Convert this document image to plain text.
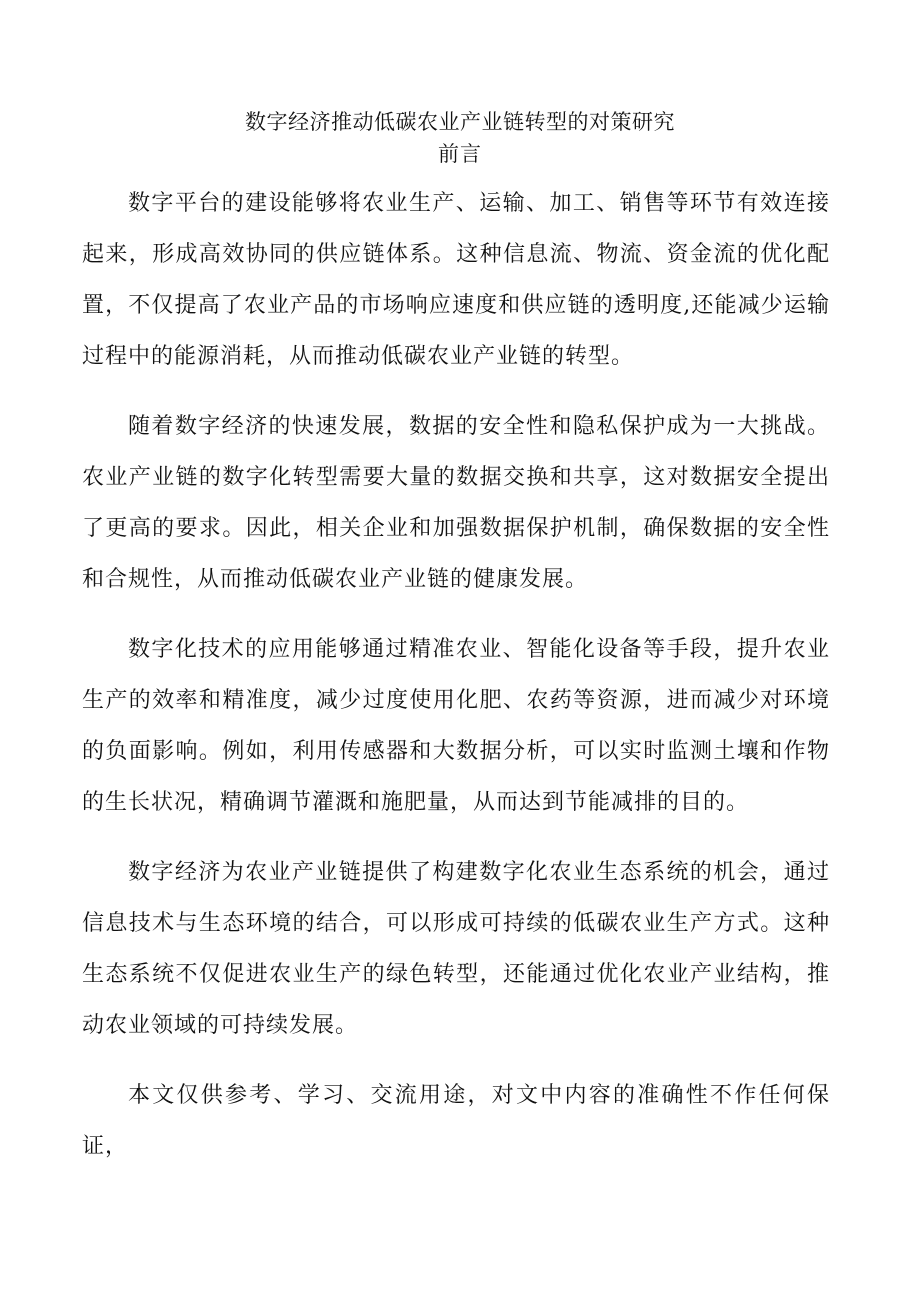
数字经济推动低碳农业产业链转型的对策研究
前言

数字平台的建设能够将农业生产、运输、加工、销售等环节有效连接起来，形成高效协同的供应链体系。这种信息流、物流、资金流的优化配置，不仅提高了农业产品的市场响应速度和供应链的透明度,还能减少运输过程中的能源消耗，从而推动低碳农业产业链的转型。

随着数字经济的快速发展，数据的安全性和隐私保护成为一大挑战。农业产业链的数字化转型需要大量的数据交换和共享，这对数据安全提出了更高的要求。因此，相关企业和加强数据保护机制，确保数据的安全性和合规性，从而推动低碳农业产业链的健康发展。

数字化技术的应用能够通过精准农业、智能化设备等手段，提升农业生产的效率和精准度，减少过度使用化肥、农药等资源，进而减少对环境的负面影响。例如，利用传感器和大数据分析，可以实时监测土壤和作物的生长状况，精确调节灌溉和施肥量，从而达到节能减排的目的。

数字经济为农业产业链提供了构建数字化农业生态系统的机会，通过信息技术与生态环境的结合，可以形成可持续的低碳农业生产方式。这种生态系统不仅促进农业生产的绿色转型，还能通过优化农业产业结构，推动农业领域的可持续发展。

本文仅供参考、学习、交流用途，对文中内容的准确性不作任何保证，
